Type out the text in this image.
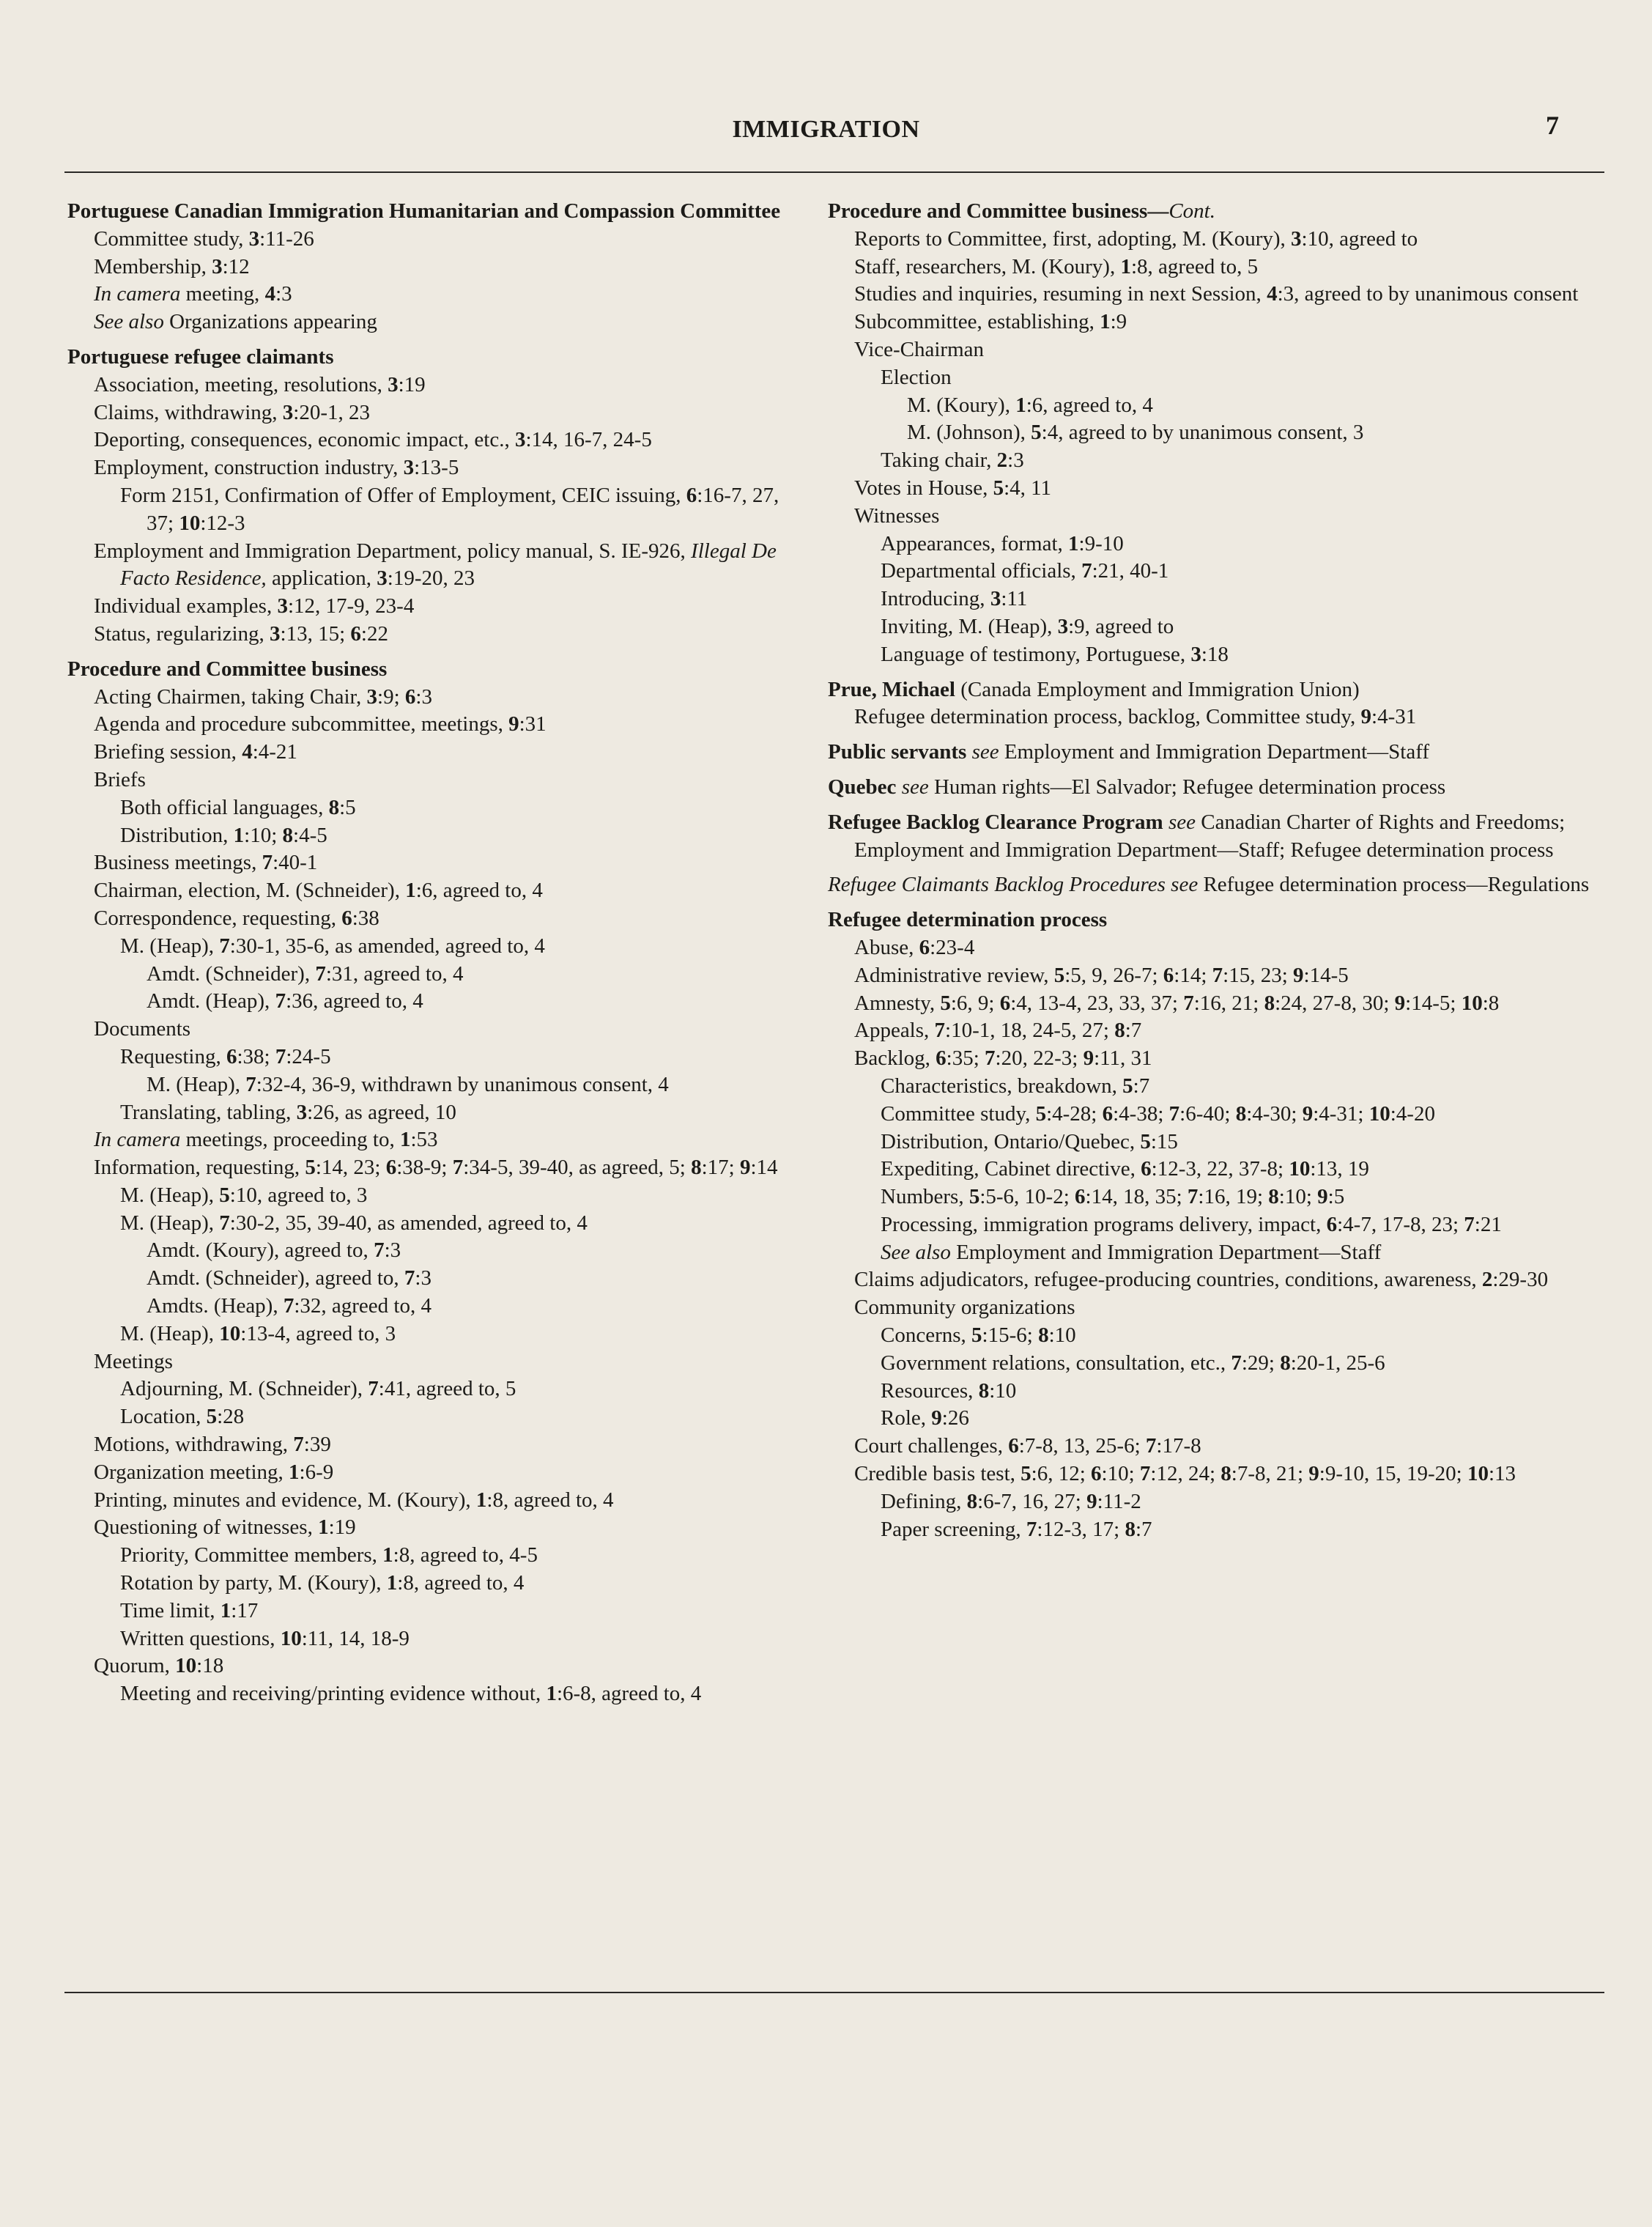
IMMIGRATION	7
Portuguese Canadian Immigration Humanitarian and Compassion Committee
Committee study, 3:11-26
Membership, 3:12
In camera meeting, 4:3
See also Organizations appearing
Portuguese refugee claimants
Association, meeting, resolutions, 3:19
Claims, withdrawing, 3:20-1, 23
Deporting, consequences, economic impact, etc., 3:14, 16-7, 24-5
Employment, construction industry, 3:13-5
Form 2151, Confirmation of Offer of Employment, CEIC issuing, 6:16-7, 27, 37; 10:12-3
Employment and Immigration Department, policy manual, S. IE-926, Illegal De Facto Residence, application, 3:19-20, 23
Individual examples, 3:12, 17-9, 23-4
Status, regularizing, 3:13, 15; 6:22
Procedure and Committee business
Acting Chairmen, taking Chair, 3:9; 6:3
Agenda and procedure subcommittee, meetings, 9:31
Briefing session, 4:4-21
Briefs
Both official languages, 8:5
Distribution, 1:10; 8:4-5
Business meetings, 7:40-1
Chairman, election, M. (Schneider), 1:6, agreed to, 4
Correspondence, requesting, 6:38
M. (Heap), 7:30-1, 35-6, as amended, agreed to, 4
Amdt. (Schneider), 7:31, agreed to, 4
Amdt. (Heap), 7:36, agreed to, 4
Documents
Requesting, 6:38; 7:24-5
M. (Heap), 7:32-4, 36-9, withdrawn by unanimous consent, 4
Translating, tabling, 3:26, as agreed, 10
In camera meetings, proceeding to, 1:53
Information, requesting, 5:14, 23; 6:38-9; 7:34-5, 39-40, as agreed, 5; 8:17; 9:14
M. (Heap), 5:10, agreed to, 3
M. (Heap), 7:30-2, 35, 39-40, as amended, agreed to, 4
Amdt. (Koury), agreed to, 7:3
Amdt. (Schneider), agreed to, 7:3
Amdts. (Heap), 7:32, agreed to, 4
M. (Heap), 10:13-4, agreed to, 3
Meetings
Adjourning, M. (Schneider), 7:41, agreed to, 5
Location, 5:28
Motions, withdrawing, 7:39
Organization meeting, 1:6-9
Printing, minutes and evidence, M. (Koury), 1:8, agreed to, 4
Questioning of witnesses, 1:19
Priority, Committee members, 1:8, agreed to, 4-5
Rotation by party, M. (Koury), 1:8, agreed to, 4
Time limit, 1:17
Written questions, 10:11, 14, 18-9
Quorum, 10:18
Meeting and receiving/printing evidence without, 1:6-8, agreed to, 4
Procedure and Committee business—Cont.
Reports to Committee, first, adopting, M. (Koury), 3:10, agreed to
Staff, researchers, M. (Koury), 1:8, agreed to, 5
Studies and inquiries, resuming in next Session, 4:3, agreed to by unanimous consent
Subcommittee, establishing, 1:9
Vice-Chairman
Election
M. (Koury), 1:6, agreed to, 4
M. (Johnson), 5:4, agreed to by unanimous consent, 3
Taking chair, 2:3
Votes in House, 5:4, 11
Witnesses
Appearances, format, 1:9-10
Departmental officials, 7:21, 40-1
Introducing, 3:11
Inviting, M. (Heap), 3:9, agreed to
Language of testimony, Portuguese, 3:18
Prue, Michael (Canada Employment and Immigration Union)
Refugee determination process, backlog, Committee study, 9:4-31
Public servants see Employment and Immigration Department—Staff
Quebec see Human rights—El Salvador; Refugee determination process
Refugee Backlog Clearance Program see Canadian Charter of Rights and Freedoms; Employment and Immigration Department—Staff; Refugee determination process
Refugee Claimants Backlog Procedures see Refugee determination process—Regulations
Refugee determination process
Abuse, 6:23-4
Administrative review, 5:5, 9, 26-7; 6:14; 7:15, 23; 9:14-5
Amnesty, 5:6, 9; 6:4, 13-4, 23, 33, 37; 7:16, 21; 8:24, 27-8, 30; 9:14-5; 10:8
Appeals, 7:10-1, 18, 24-5, 27; 8:7
Backlog, 6:35; 7:20, 22-3; 9:11, 31
Characteristics, breakdown, 5:7
Committee study, 5:4-28; 6:4-38; 7:6-40; 8:4-30; 9:4-31; 10:4-20
Distribution, Ontario/Quebec, 5:15
Expediting, Cabinet directive, 6:12-3, 22, 37-8; 10:13, 19
Numbers, 5:5-6, 10-2; 6:14, 18, 35; 7:16, 19; 8:10; 9:5
Processing, immigration programs delivery, impact, 6:4-7, 17-8, 23; 7:21
See also Employment and Immigration Department—Staff
Claims adjudicators, refugee-producing countries, conditions, awareness, 2:29-30
Community organizations
Concerns, 5:15-6; 8:10
Government relations, consultation, etc., 7:29; 8:20-1, 25-6
Resources, 8:10
Role, 9:26
Court challenges, 6:7-8, 13, 25-6; 7:17-8
Credible basis test, 5:6, 12; 6:10; 7:12, 24; 8:7-8, 21; 9:9-10, 15, 19-20; 10:13
Defining, 8:6-7, 16, 27; 9:11-2
Paper screening, 7:12-3, 17; 8:7
